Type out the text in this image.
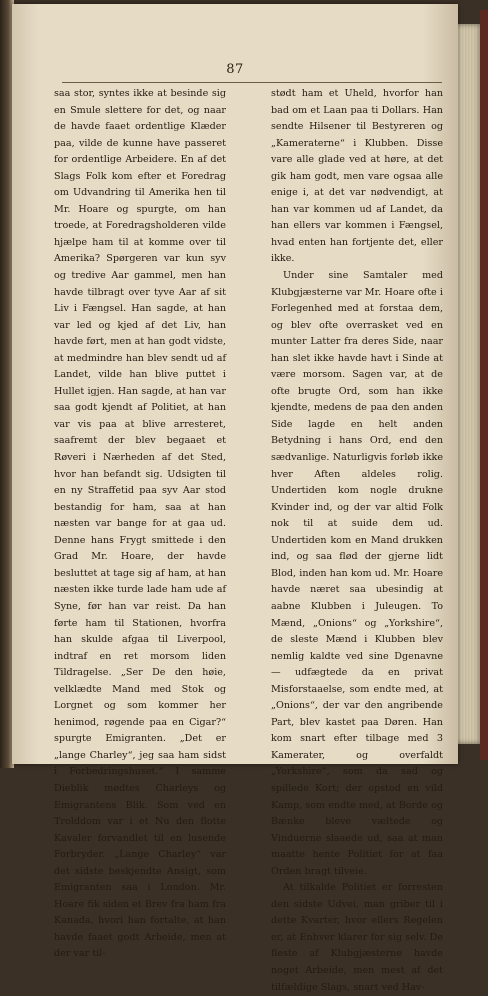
87

saa stor, syntes ikke at besinde sig en Smule slettere for det, og naar de havde faaet ordentlige Klæder paa, vilde de kunne have passeret for ordentlige Arbeidere. En af det Slags Folk kom efter et Foredrag om Udvandring til Amerika hen til Mr. Hoare og spurgte, om han troede, at Foredragsholderen vilde hjælpe ham til at komme over til Amerika? Spørgeren var kun syv og tredive Aar gammel, men han havde tilbragt over tyve Aar af sit Liv i Fængsel. Han sagde, at han var led og kjed af det Liv, han havde ført, men at han godt vidste, at medmindre han blev sendt ud af Landet, vilde han blive puttet i Hullet igjen. Han sagde, at han var saa godt kjendt af Politiet, at han var vis paa at blive arresteret, saafremt der blev begaaet et Røveri i Nærheden af det Sted, hvor han befandt sig. Udsigten til en ny Straffetid paa syv Aar stod bestandig for ham, saa at han næsten var bange for at gaa ud. Denne hans Frygt smittede i den Grad Mr. Hoare, der havde besluttet at tage sig af ham, at han næsten ikke turde lade ham ude af Syne, før han var reist. Da han førte ham til Stationen, hvorfra han skulde afgaa til Liverpool, indtraf en ret morsom liden Tildragelse. „Ser De den høie, velklædte Mand med Stok og Lorgnet og som kommer her henimod, røgende paa en Cigar?“ spurgte Emigranten. „Det er „lange Charley“, jeg saa ham sidst i Forbedringshuset.“ I samme Dieblik mødtes Charleys og Emigrantens Blik. Som ved en Trolddom var i et Nu den flotte Kavaler forvandlet til en lusende Forbryder. „Lange Charley“ var det sidste beskjendte Ansigt, som Emigranten saa i London. Mr. Hoare fik siden et Brev fra ham fra Kanada, hvori han fortalte, at han havde faaet godt Arbeide, men at der var til-

stødt ham et Uheld, hvorfor han bad om et Laan paa ti Dollars. Han sendte Hilsener til Bestyreren og „Kameraterne“ i Klubben. Disse vare alle glade ved at høre, at det gik ham godt, men vare ogsaa alle enige i, at det var nødvendigt, at han var kommen ud af Landet, da han ellers var kommen i Fængsel, hvad enten han fortjente det, eller ikke.

Under sine Samtaler med Klubgjæsterne var Mr. Hoare ofte i Forlegenhed med at forstaa dem, og blev ofte overrasket ved en munter Latter fra deres Side, naar han slet ikke havde havt i Sinde at være morsom. Sagen var, at de ofte brugte Ord, som han ikke kjendte, medens de paa den anden Side lagde en helt anden Betydning i hans Ord, end den sædvanlige. Naturligvis forløb ikke hver Aften aldeles rolig. Undertiden kom nogle drukne Kvinder ind, og der var altid Folk nok til at suide dem ud. Undertiden kom en Mand drukken ind, og saa flød der gjerne lidt Blod, inden han kom ud. Mr. Hoare havde næret saa ubesindig at aabne Klubben i Juleugen. To Mænd, „Onions“ og „Yorkshire“, de sleste Mænd i Klubben blev nemlig kaldte ved sine Dgenavne — udfægtede da en privat Misforstaaelse, som endte med, at „Onions“, der var den angribende Part, blev kastet paa Døren. Han kom snart efter tilbage med 3 Kamerater, og overfaldt „Yorkshire“, som da sad og spillede Kort; der opstod en vild Kamp, som endte med, at Borde og Bænke bleve væltede og Vinduerne slaaede ud, saa at man maatte hente Politiet for at faa Orden bragt tilveie.

At tilkalde Politiet er forresten den sidste Udvei, man griber til i dette Kvarter, hvor ellers Regelen er, at Enhver klarer for sig selv. De fleste af Klubgjæsterne havde noget Arbeide, men mest af det tilfældige Slags, snart ved Hav-
